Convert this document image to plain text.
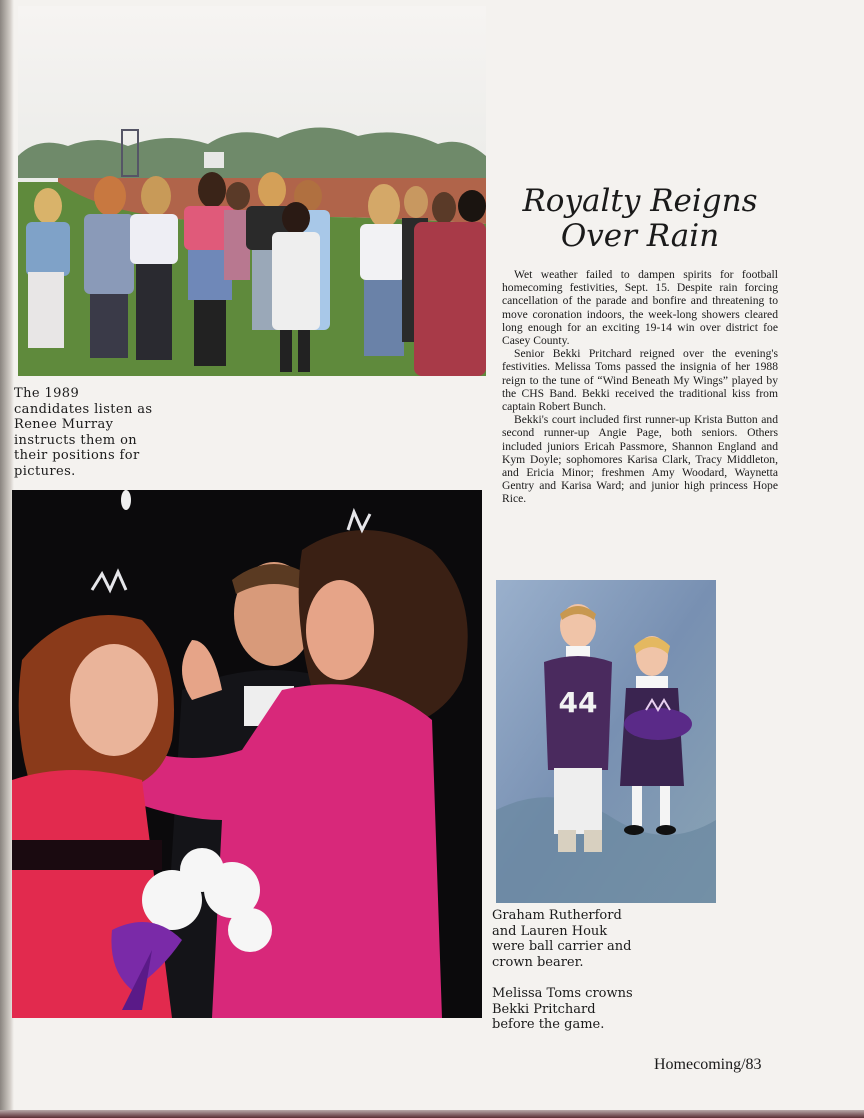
The 1989 candidates listen as Renee Murray instructs them on their positions for pictures.

Royalty Reigns
Over Rain

Wet weather failed to dampen spirits for football homecoming festivities, Sept. 15. Despite rain forcing cancellation of the parade and bonfire and threatening to move coronation indoors, the week-long showers cleared long enough for an exciting 19-14 win over district foe Casey County.

Senior Bekki Pritchard reigned over the evening's festivities. Melissa Toms passed the insignia of her 1988 reign to the tune of “Wind Beneath My Wings” played by the CHS Band. Bekki received the traditional kiss from captain Robert Bunch.

Bekki's court included first runner-up Krista Button and second runner-up Angie Page, both seniors. Others included juniors Ericah Passmore, Shannon England and Kym Doyle; sophomores Karisa Clark, Tracy Middleton, and Ericia Minor; freshmen Amy Woodard, Waynetta Gentry and Karisa Ward; and junior high princess Hope Rice.

44

Graham Rutherford and Lauren Houk were ball carrier and crown bearer.

Melissa Toms crowns Bekki Pritchard before the game.

Homecoming/83
